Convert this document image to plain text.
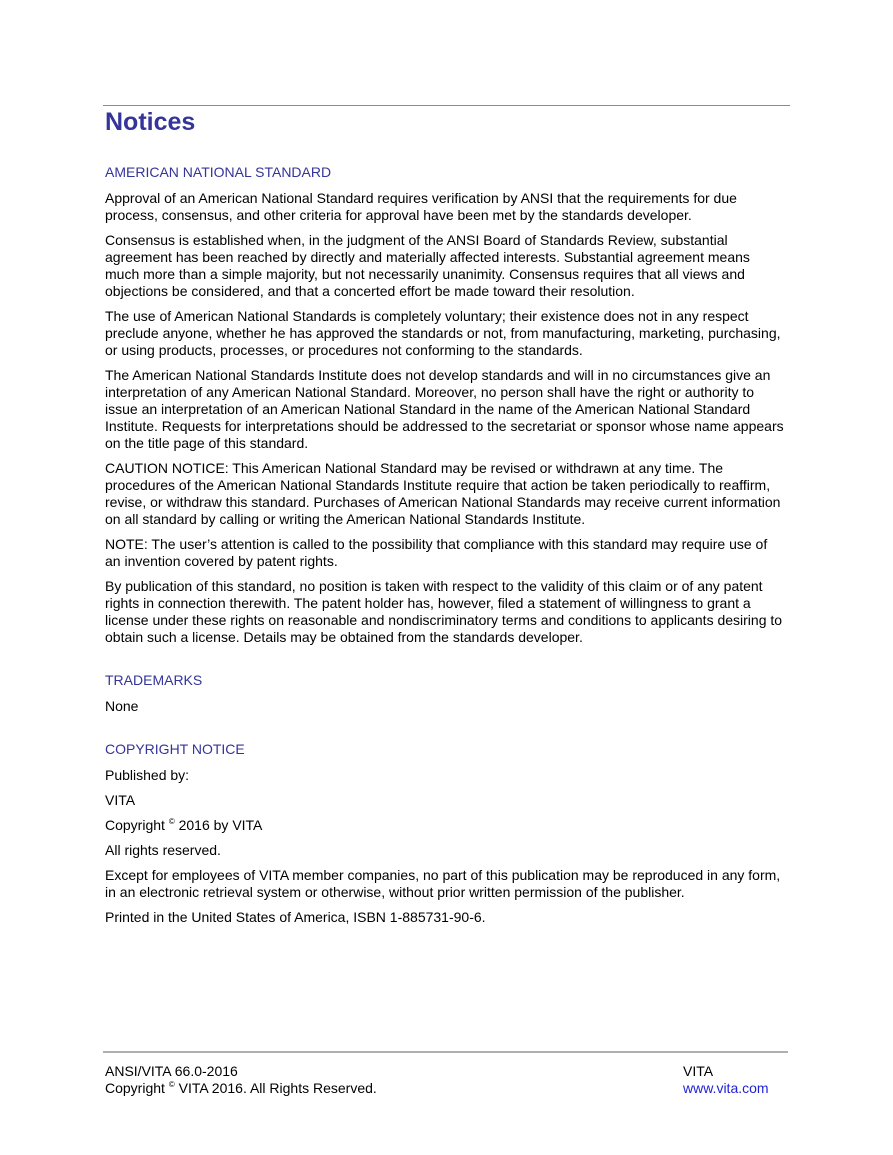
Notices
AMERICAN NATIONAL STANDARD

Approval of an American National Standard requires verification by ANSI that the requirements for due process, consensus, and other criteria for approval have been met by the standards developer.

Consensus is established when, in the judgment of the ANSI Board of Standards Review, substantial agreement has been reached by directly and materially affected interests. Substantial agreement means much more than a simple majority, but not necessarily unanimity. Consensus requires that all views and objections be considered, and that a concerted effort be made toward their resolution.

The use of American National Standards is completely voluntary; their existence does not in any respect preclude anyone, whether he has approved the standards or not, from manufacturing, marketing, purchasing, or using products, processes, or procedures not conforming to the standards.

The American National Standards Institute does not develop standards and will in no circumstances give an interpretation of any American National Standard. Moreover, no person shall have the right or authority to issue an interpretation of an American National Standard in the name of the American National Standard Institute. Requests for interpretations should be addressed to the secretariat or sponsor whose name appears on the title page of this standard.

CAUTION NOTICE: This American National Standard may be revised or withdrawn at any time. The procedures of the American National Standards Institute require that action be taken periodically to reaffirm, revise, or withdraw this standard. Purchases of American National Standards may receive current information on all standard by calling or writing the American National Standards Institute.

NOTE: The user’s attention is called to the possibility that compliance with this standard may require use of an invention covered by patent rights.

By publication of this standard, no position is taken with respect to the validity of this claim or of any patent rights in connection therewith. The patent holder has, however, filed a statement of willingness to grant a license under these rights on reasonable and nondiscriminatory terms and conditions to applicants desiring to obtain such a license. Details may be obtained from the standards developer.

TRADEMARKS

None

COPYRIGHT NOTICE

Published by:

VITA

Copyright © 2016 by VITA

All rights reserved.

Except for employees of VITA member companies, no part of this publication may be reproduced in any form, in an electronic retrieval system or otherwise, without prior written permission of the publisher.

Printed in the United States of America, ISBN 1-885731-90-6.

ANSI/VITA 66.0-2016
Copyright © VITA 2016. All Rights Reserved.
VITA
www.vita.com
